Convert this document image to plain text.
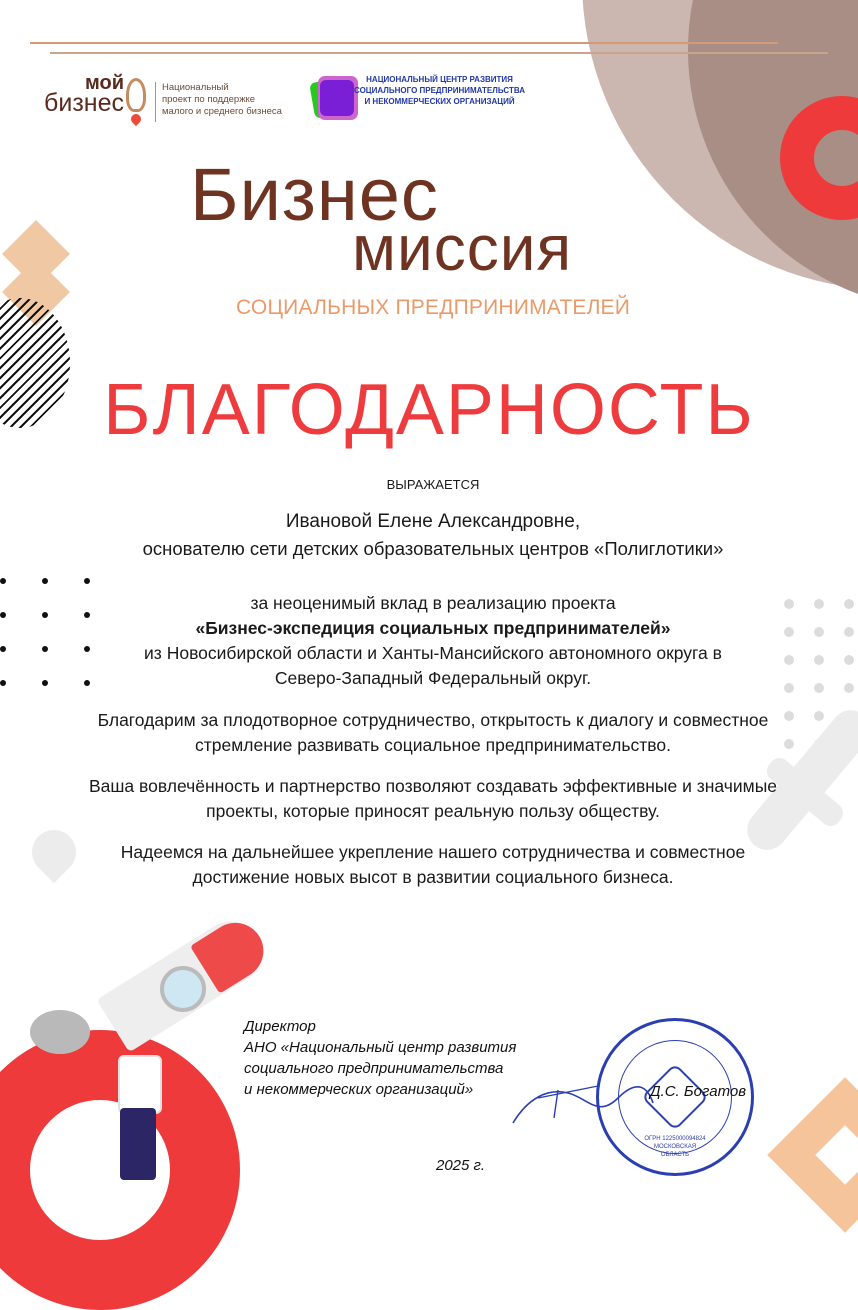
мой
бизнес
Национальный
проект по поддержке
малого и среднего бизнеса
НАЦИОНАЛЬНЫЙ ЦЕНТР РАЗВИТИЯ
СОЦИАЛЬНОГО ПРЕДПРИНИМАТЕЛЬСТВА
И НЕКОММЕРЧЕСКИХ ОРГАНИЗАЦИЙ
Бизнес
миссия
СОЦИАЛЬНЫХ ПРЕДПРИНИМАТЕЛЕЙ
БЛАГОДАРНОСТЬ
ВЫРАЖАЕТСЯ
Ивановой Елене Александровне,
основателю сети детских образовательных центров «Полиглотики»

за неоценимый вклад в реализацию проекта

«Бизнес-экспедиция социальных предпринимателей»

из Новосибирской области и Ханты-Мансийского автономного округа в Северо-Западный Федеральный округ.

Благодарим за плодотворное сотрудничество, открытость к диалогу и совместное стремление развивать социальное предпринимательство.

Ваша вовлечённость и партнерство позволяют создавать эффективные и значимые проекты, которые приносят реальную пользу обществу.

Надеемся на дальнейшее укрепление нашего сотрудничества и совместное достижение новых высот в развитии социального бизнеса.

Директор
АНО «Национальный центр развития
социального предпринимательства
и некоммерческих организаций»
ОГРН 1225000094824
МОСКОВСКАЯ ОБЛАСТЬ
Д.С. Богатов
2025 г.
